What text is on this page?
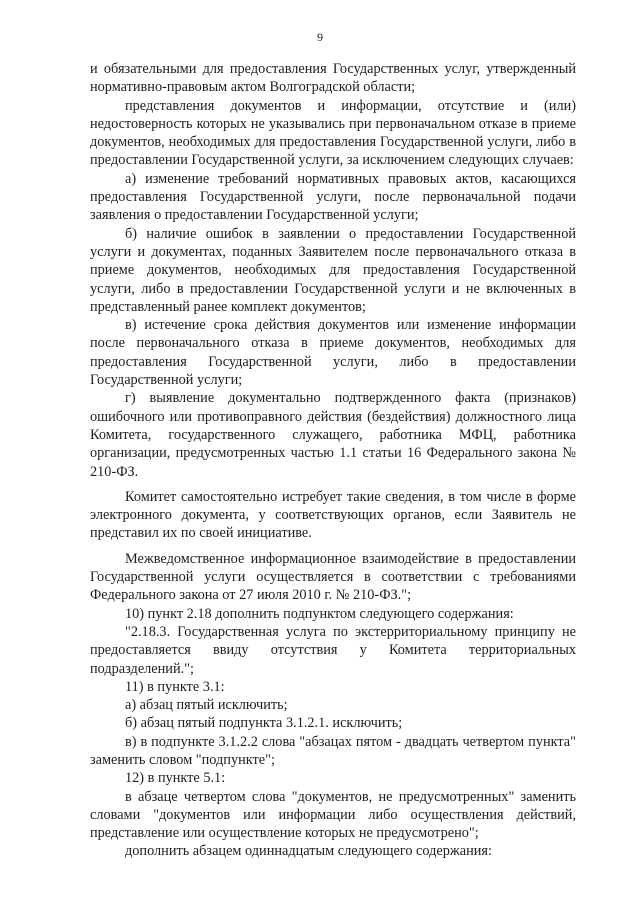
9

и обязательными для предоставления Государственных услуг, утвержденный нормативно-правовым актом Волгоградской области;

представления документов и информации, отсутствие и (или) недостоверность которых не указывались при первоначальном отказе в приеме документов, необходимых для предоставления Государственной услуги, либо в предоставлении Государственной услуги, за исключением следующих случаев:

а) изменение требований нормативных правовых актов, касающихся предоставления Государственной услуги, после первоначальной подачи заявления о предоставлении Государственной услуги;

б) наличие ошибок в заявлении о предоставлении Государственной услуги и документах, поданных Заявителем после первоначального отказа в приеме документов, необходимых для предоставления Государственной услуги, либо в предоставлении Государственной услуги и не включенных в представленный ранее комплект документов;

в) истечение срока действия документов или изменение информации после первоначального отказа в приеме документов, необходимых для предоставления Государственной услуги, либо в предоставлении Государственной услуги;

г) выявление документально подтвержденного факта (признаков) ошибочного или противоправного действия (бездействия) должностного лица Комитета, государственного служащего, работника МФЦ, работника организации, предусмотренных частью 1.1 статьи 16 Федерального закона № 210-ФЗ.

Комитет самостоятельно истребует такие сведения, в том числе в форме электронного документа, у соответствующих органов, если Заявитель не представил их по своей инициативе.

Межведомственное информационное взаимодействие в предоставлении Государственной услуги осуществляется в соответствии с требованиями Федерального закона от 27 июля 2010 г. № 210-ФЗ.";

10) пункт 2.18 дополнить подпунктом следующего содержания:

"2.18.3. Государственная услуга по экстерриториальному принципу не предоставляется ввиду отсутствия у Комитета территориальных подразделений.";

11) в пункте 3.1:

а) абзац пятый исключить;

б) абзац пятый подпункта 3.1.2.1. исключить;

в) в подпункте 3.1.2.2 слова "абзацах пятом - двадцать четвертом пункта" заменить словом "подпункте";

12) в пункте 5.1:

в абзаце четвертом слова "документов, не предусмотренных" заменить словами "документов или информации либо осуществления действий, представление или осуществление которых не предусмотрено";

дополнить абзацем одиннадцатым следующего содержания:
